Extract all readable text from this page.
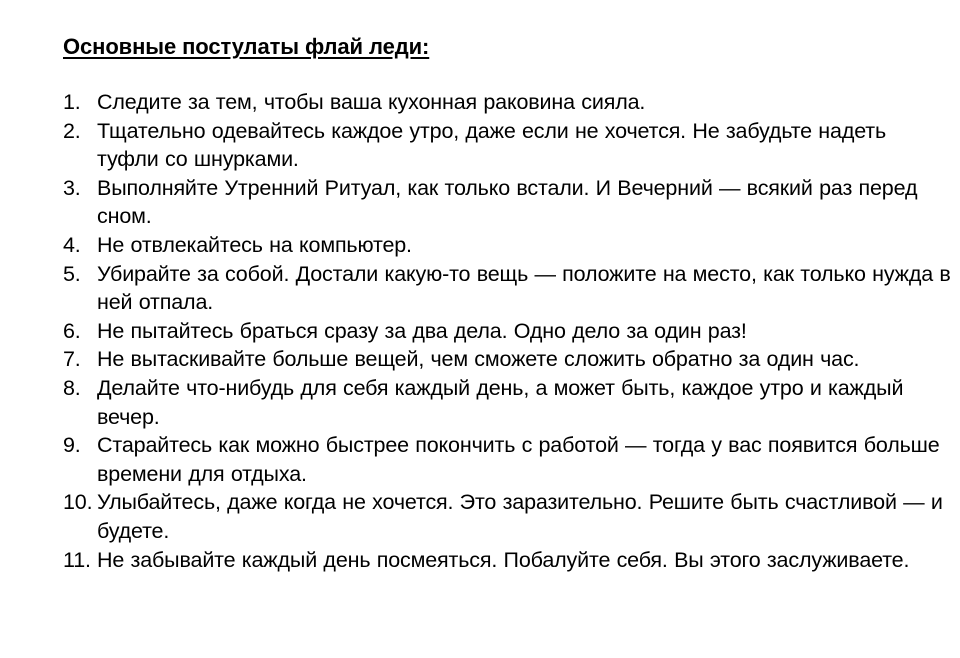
Основные постулаты флай леди:
1. Следите за тем, чтобы ваша кухонная раковина сияла.
2. Тщательно одевайтесь каждое утро, даже если не хочется. Не забудьте надеть туфли со шнурками.
3. Выполняйте Утренний Ритуал, как только встали. И Вечерний — всякий раз перед сном.
4. Не отвлекайтесь на компьютер.
5. Убирайте за собой. Достали какую-то вещь — положите на место, как только нужда в ней отпала.
6. Не пытайтесь браться сразу за два дела. Одно дело за один раз!
7. Не вытаскивайте больше вещей, чем сможете сложить обратно за один час.
8. Делайте что-нибудь для себя каждый день, а может быть, каждое утро и каждый вечер.
9. Старайтесь как можно быстрее покончить с работой — тогда у вас появится больше времени для отдыха.
10. Улыбайтесь, даже когда не хочется. Это заразительно. Решите быть счастливой — и будете.
11. Не забывайте каждый день посмеяться. Побалуйте себя. Вы этого заслуживаете.
